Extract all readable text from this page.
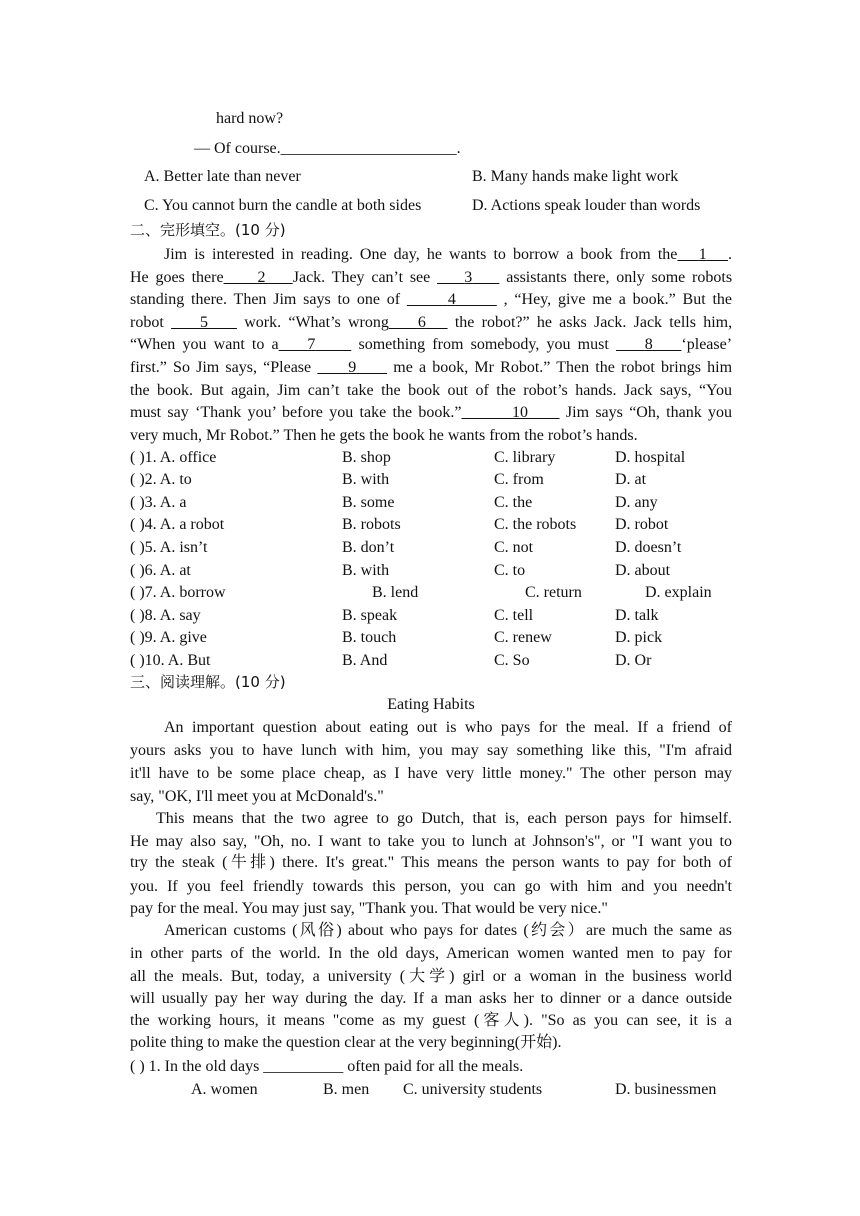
hard now?
— Of course.______________________.
A. Better late than never	B. Many hands make light work
C. You cannot burn the candle at both sides	D. Actions speak louder than words
二、完形填空。(10 分)
Jim is interested in reading. One day, he wants to borrow a book from the 1 .
He goes there 2 Jack. They can’t see 3 assistants there, only some robots
standing there. Then Jim says to one of	4	, “Hey, give me a book.” But the
robot 5 work. “What’s wrong 6 the robot?” he asks Jack. Jack tells him,
“When you want to a 7	something from somebody, you must 8 ‘please’
first.” So Jim says, “Please 9 me a book, Mr Robot.” Then the robot brings him
the book. But again, Jim can’t take the book out of the robot’s hands. Jack says, “You
must say ‘Thank you’ before you take the book.”	10 Jim says “Oh, thank you
very much, Mr Robot.” Then he gets the book he wants from the robot’s hands.
( )1. A. office	B. shop	C. library	D. hospital
( )2. A. to	B. with	C. from	D. at
( )3. A. a	B. some	C. the	D. any
( )4. A. a robot	B. robots	C. the robots D. robot
( )5. A. isn’t	B. don’t	C. not	D. doesn’t
( )6. A. at	B. with	C. to	D. about
( )7. A. borrow	B. lend	C. return	D. explain
( )8. A. say	B. speak	C. tell	D. talk
( )9. A. give	B. touch	C. renew	D. pick
( )10. A. But	B. And	C. So	D. Or
三、阅读理解。(10 分)
Eating Habits
An important question about eating out is who pays for the meal. If a friend of
yours asks you to have lunch with him, you may say something like this, "I'm afraid
it'll have to be some place cheap, as I have very little money." The other person may
say, "OK, I'll meet you at McDonald's."
This means that the two agree to go Dutch, that is, each person pays for himself.
He may also say, "Oh, no. I want to take you to lunch at Johnson's", or "I want you to
try the steak (牛排) there. It's great." This means the person wants to pay for both of
you. If you feel friendly towards this person, you can go with him and you needn't
pay for the meal. You may just say, "Thank you. That would be very nice."
American customs (风俗) about who pays for dates (约会）are much the same as
in other parts of the world. In the old days, American women wanted men to pay for
all the meals. But, today, a university (大学) girl or a woman in the business world
will usually pay her way during the day. If a man asks her to dinner or a dance outside
the working hours, it means "come as my guest (客人). "So as you can see, it is a
polite thing to make the question clear at the very beginning(开始).
( ) 1. In the old days __________ often paid for all the meals.
A. women	B. men C. university students	D. businessmen
